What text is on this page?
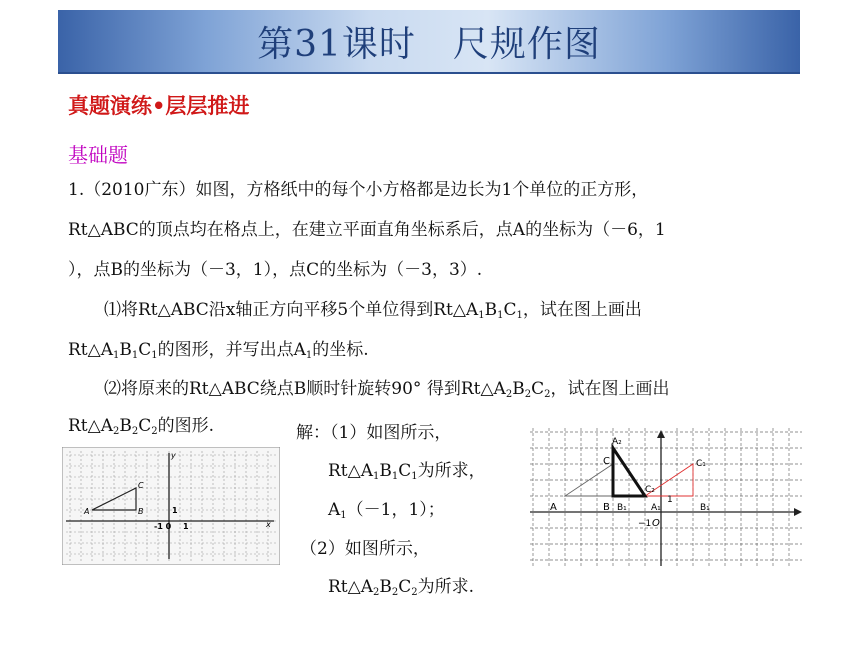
第31课时　尺规作图
真题演练•层层推进
基础题
1.（2010广东）如图，方格纸中的每个小方格都是边长为1个单位的正方形，
Rt△ABC的顶点均在格点上，在建立平面直角坐标系后，点A的坐标为（－6，1
），点B的坐标为（－3，1），点C的坐标为（－3，3）.
⑴将Rt△ABC沿x轴正方向平移5个单位得到$Rt\triangle A_1B_1C_1$，试在图上画出
$Rt\triangle A_1B_1C_1$的图形，并写出点$A_1$的坐标.
⑵将原来的Rt△ABC绕点B顺时针旋转90° 得到$Rt\triangle A_2B_2C_2$，试在图上画出
$Rt\triangle A_2B_2C_2$的图形.	解：（1）如图所示，
$Rt\triangle A_1B_1C_1$为所求，
$A_1(-1$，1）；
（2）如图所示，
$Rt\triangle A_2B_2C_2$为所求.
A	B
C
y
x
1
-1 0 1
A₂
C	C₁
C₂
A	B B₁	A₁	B₁
1
−1 O
